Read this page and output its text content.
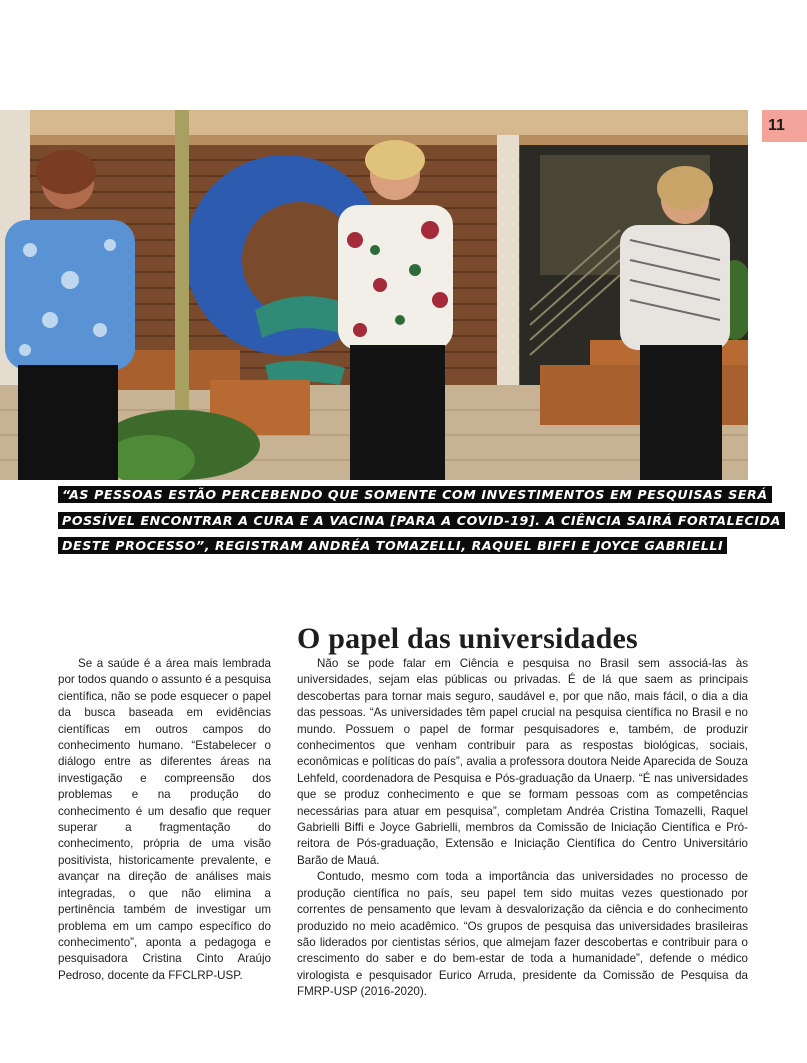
11
“AS PESSOAS ESTÃO PERCEBENDO QUE SOMENTE COM INVESTIMENTOS EM PESQUISAS SERÁ
POSSÍVEL ENCONTRAR A CURA E A VACINA [PARA A COVID-19]. A CIÊNCIA SAIRÁ FORTALECIDA
DESTE PROCESSO”, REGISTRAM ANDRÉA TOMAZELLI, RAQUEL BIFFI E JOYCE GABRIELLI
O papel das universidades

Se a saúde é a área mais lembrada por todos quando o assunto é a pesquisa científica, não se pode esquecer o papel da busca baseada em evidências científicas em outros campos do conhecimento humano. “Estabelecer o diálogo entre as diferentes áreas na investigação e compreensão dos problemas e na produção do conhecimento é um desafio que requer superar a fragmentação do conhecimento, própria de uma visão positivista, historicamente prevalente, e avançar na direção de análises mais integradas, o que não elimina a pertinência também de investigar um problema em um campo específico do conhecimento”, aponta a pedagoga e pesquisadora Cristina Cinto Araújo Pedroso, docente da FFCLRP-USP.

Não se pode falar em Ciência e pesquisa no Brasil sem associá-las às universidades, sejam elas públicas ou privadas. É de lá que saem as principais descobertas para tornar mais seguro, saudável e, por que não, mais fácil, o dia a dia das pessoas. “As universidades têm papel crucial na pesquisa científica no Brasil e no mundo. Possuem o papel de formar pesquisadores e, também, de produzir conhecimentos que venham contribuir para as respostas biológicas, sociais, econômicas e políticas do país”, avalia a professora doutora Neide Aparecida de Souza Lehfeld, coordenadora de Pesquisa e Pós-graduação da Unaerp. “É nas universidades que se produz conhecimento e que se formam pessoas com as competências necessárias para atuar em pesquisa”, completam Andréa Cristina Tomazelli, Raquel Gabrielli Biffi e Joyce Gabrielli, membros da Comissão de Iniciação Científica e Pró-reitora de Pós-graduação, Extensão e Iniciação Científica do Centro Universitário Barão de Mauá.

Contudo, mesmo com toda a importância das universidades no processo de produção científica no país, seu papel tem sido muitas vezes questionado por correntes de pensamento que levam à desvalorização da ciência e do conhecimento produzido no meio acadêmico. “Os grupos de pesquisa das universidades brasileiras são liderados por cientistas sérios, que almejam fazer descobertas e contribuir para o crescimento do saber e do bem-estar de toda a humanidade”, defende o médico virologista e pesquisador Eurico Arruda, presidente da Comissão de Pesquisa da FMRP-USP (2016-2020).
